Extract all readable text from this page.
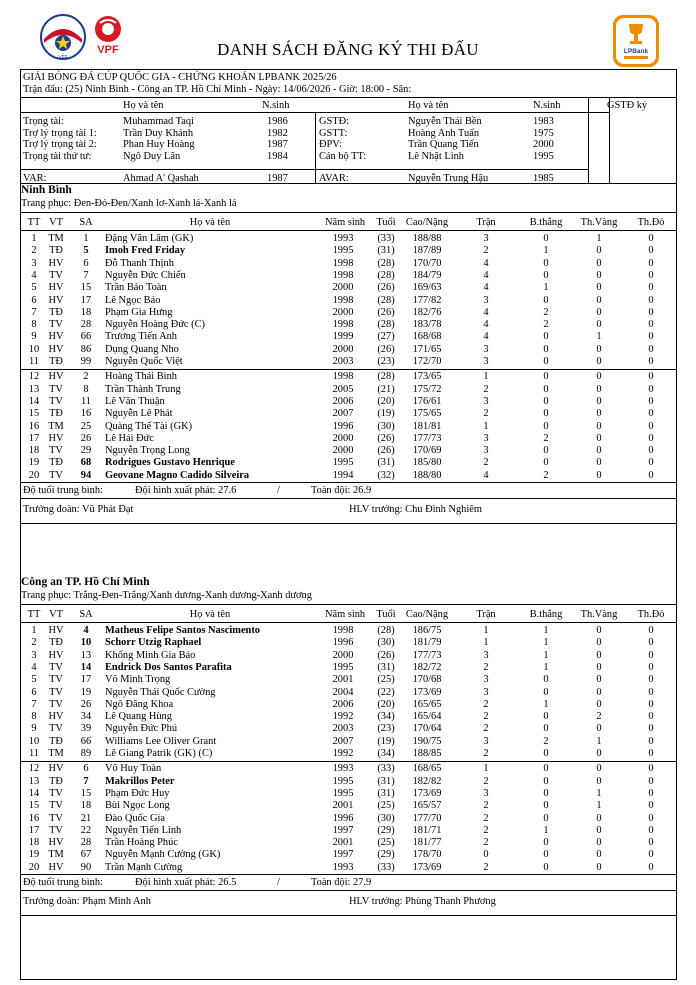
VFF
VPF	LPBank
DANH SÁCH ĐĂNG KÝ THI ĐẤU
GIẢI BÓNG ĐÁ CÚP QUỐC GIA - CHỨNG KHOÁN LPBANK 2025/26
Trận đấu: (25) Ninh Bình - Công an TP. Hồ Chí Minh - Ngày: 14/06/2026 - Giờ: 18:00 - Sân:
Họ và tên	N.sinh	Họ và tên	N.sinh	GSTĐ ký
Trọng tài:	Muhammad Taqi	1986	GSTĐ:	Nguyễn Thái Bền	1983
Trợ lý trọng tài 1:	Trần Duy Khánh	1982	GSTT:	Hoàng Anh Tuấn	1975
Trợ lý trọng tài 2:	Phan Huy Hoàng	1987	ĐPV:	Trần Quang Tiến	2000
Trọng tài thứ tư:	Ngô Duy Lân	1984	Cán bộ TT:	Lê Nhật Linh	1995
VAR:	Ahmad A' Qashah	1987	AVAR:	Nguyễn Trung Hậu	1985
Ninh Bình
Trang phục: Đen-Đỏ-Đen/Xanh lơ-Xanh lá-Xanh lá
TT VT	SA	Họ và tên	Năm sinh	Tuổi Cao/Nặng	Trận	B.thắng	Th.Vàng	Th.Đỏ
1	TM	1	Đặng Văn Lâm (GK)	1993	(33)	188/88	3	0	1	0
2	TĐ	5	Imoh Fred Friday	1995	(31)	187/89	2	1	0	0
3	HV	6	Đỗ Thanh Thịnh	1998	(28)	170/70	4	0	0	0
4	TV	7	Nguyễn Đức Chiến	1998	(28)	184/79	4	0	0	0
5	HV	15	Trần Bảo Toàn	2000	(26)	169/63	4	1	0	0
6	HV	17	Lê Ngọc Bảo	1998	(28)	177/82	3	0	0	0
7	TĐ	18	Phạm Gia Hưng	2000	(26)	182/76	4	2	0	0
8	TV	28	Nguyễn Hoàng Đức (C)	1998	(28)	183/78	4	2	0	0
9	HV	66	Trương Tiến Anh	1999	(27)	168/68	4	0	1	0
10 HV	86	Dụng Quang Nho	2000	(26)	171/65	3	0	0	0
11 TĐ	99	Nguyễn Quốc Việt	2003	(23)	172/70	3	0	0	0
12 HV	2	Hoàng Thái Bình	1998	(28)	173/65	1	0	0	0
13 TV	8	Trần Thành Trung	2005	(21)	175/72	2	0	0	0
14 TV	11	Lê Văn Thuận	2006	(20)	176/61	3	0	0	0
15 TĐ	16	Nguyễn Lê Phát	2007	(19)	175/65	2	0	0	0
16 TM	25	Quàng Thế Tài (GK)	1996	(30)	181/81	1	0	0	0
17 HV	26	Lê Hải Đức	2000	(26)	177/73	3	2	0	0
18 TV	29	Nguyễn Trọng Long	2000	(26)	170/69	3	0	0	0
19 TĐ	68	Rodrigues Gustavo Henrique	1995	(31)	185/80	2	0	0	0
20 TV	94	Geovane Magno Cadido Silveira	1994	(32)	188/80	4	2	0	0
Độ tuổi trung bình:	Đội hình xuất phát: 27.6	/	Toàn đội: 26.9
Trưởng đoàn: Vũ Phát Đạt	HLV trưởng: Chu Đình Nghiêm
Công an TP. Hồ Chí Minh
Trang phục: Trắng-Đen-Trắng/Xanh dương-Xanh dương-Xanh dương
TT VT	SA	Họ và tên	Năm sinh	Tuổi Cao/Nặng	Trận	B.thắng	Th.Vàng	Th.Đỏ
1	HV	4	Matheus Felipe Santos Nascimento	1998	(28)	186/75	1	1	0	0
2	TĐ	10	Schorr Utzig Raphael	1996	(30)	181/79	1	1	0	0
3	HV	13	Khổng Minh Gia Bảo	2000	(26)	177/73	3	1	0	0
4	TV	14	Endrick Dos Santos Parafita	1995	(31)	182/72	2	1	0	0
5	TV	17	Võ Minh Trọng	2001	(25)	170/68	3	0	0	0
6	TV	19	Nguyễn Thái Quốc Cường	2004	(22)	173/69	3	0	0	0
7	TV	26	Ngô Đăng Khoa	2006	(20)	165/65	2	1	0	0
8	HV	34	Lê Quang Hùng	1992	(34)	165/64	2	0	2	0
9	TV	39	Nguyễn Đức Phú	2003	(23)	170/64	2	0	0	0
10 TĐ	66	Williams Lee Oliver Grant	2007	(19)	190/75	3	2	1	0
11 TM	89	Lê Giang Patrik (GK) (C)	1992	(34)	188/85	2	0	0	0
12 HV	6	Võ Huy Toàn	1993	(33)	168/65	1	0	0	0
13 TĐ	7	Makrillos Peter	1995	(31)	182/82	2	0	0	0
14 TV	15	Phạm Đức Huy	1995	(31)	173/69	3	0	1	0
15 TV	18	Bùi Ngọc Long	2001	(25)	165/57	2	0	1	0
16 TV	21	Đào Quốc Gia	1996	(30)	177/70	2	0	0	0
17 TV	22	Nguyễn Tiến Linh	1997	(29)	181/71	2	1	0	0
18 HV	28	Trần Hoàng Phúc	2001	(25)	181/77	2	0	0	0
19 TM	67	Nguyễn Mạnh Cường (GK)	1997	(29)	178/70	0	0	0	0
20 HV	90	Trần Mạnh Cường	1993	(33)	173/69	2	0	0	0
Độ tuổi trung bình:	Đội hình xuất phát: 26.5	/	Toàn đội: 27.9
Trưởng đoàn: Phạm Minh Anh	HLV trưởng: Phùng Thanh Phương
